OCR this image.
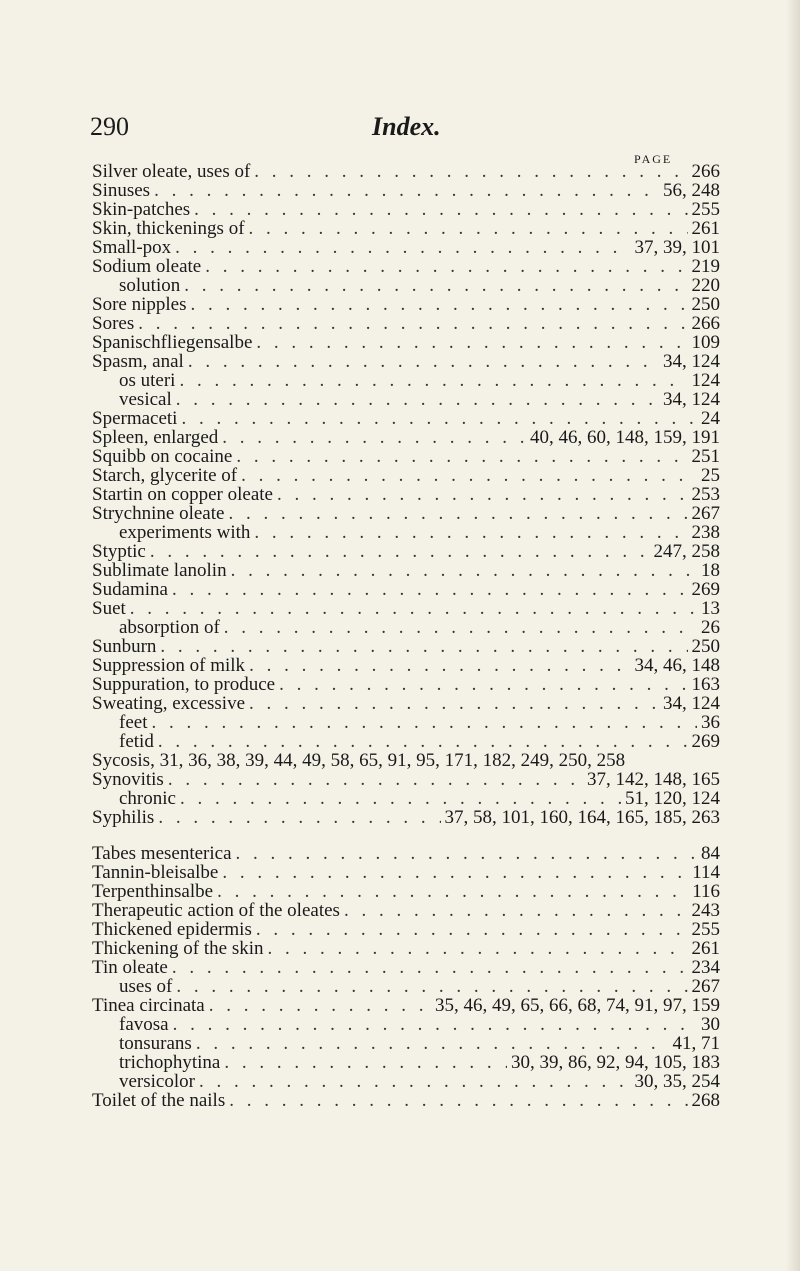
290	Index.
PAGE
Silver oleate, uses of . . .	266
Sinuses . . .	56, 248
Skin-patches . . .	255
Skin, thickenings of . . .	261
Small-pox . . .	37, 39, 101
Sodium oleate . . .	219
solution . . .	220
Sore nipples . . .	250
Sores . . .	266
Spanischfliegensalbe . . .	109
Spasm, anal . . .	34, 124
os uteri . . .	124
vesical . . .	34, 124
Spermaceti . . .	24
Spleen, enlarged . . .	40, 46, 60, 148, 159, 191
Squibb on cocaine . . .	251
Starch, glycerite of . . .	25
Startin on copper oleate . . .	253
Strychnine oleate . . .	267
experiments with . . .	238
Styptic . . .	247, 258
Sublimate lanolin . . .	18
Sudamina . . .	269
Suet . . .	13
absorption of . . .	26
Sunburn . . .	250
Suppression of milk . . .	34, 46, 148
Suppuration, to produce . . .	163
Sweating, excessive . . .	34, 124
feet . . .	36
fetid . . .	269
Sycosis, 31, 36, 38, 39, 44, 49, 58, 65, 91, 95, 171, 182, 249, 250, 258
Synovitis . . .	37, 142, 148, 165
chronic . . .	51, 120, 124
Syphilis . . .	37, 58, 101, 160, 164, 165, 185, 263
Tabes mesenterica . . .	84
Tannin-bleisalbe . . .	114
Terpenthinsalbe . . .	116
Therapeutic action of the oleates . . .	243
Thickened epidermis . . .	255
Thickening of the skin . . .	261
Tin oleate . . .	234
uses of . . .	267
Tinea circinata . . .	35, 46, 49, 65, 66, 68, 74, 91, 97, 159
favosa . . .	30
tonsurans . . .	41, 71
trichophytina . . .	30, 39, 86, 92, 94, 105, 183
versicolor . . .	30, 35, 254
Toilet of the nails . . .	268
